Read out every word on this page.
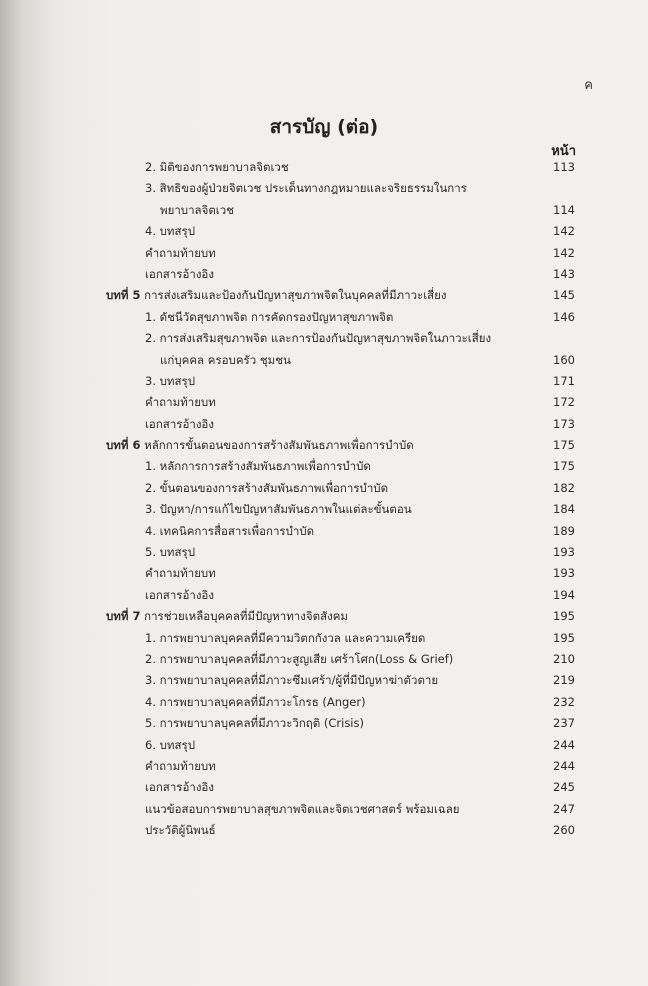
ค
สารบัญ (ต่อ)
หน้า
2. มิติของการพยาบาลจิตเวช	113
3. สิทธิของผู้ป่วยจิตเวช ประเด็นทางกฎหมายและจริยธรรมในการ
พยาบาลจิตเวช	114
4. บทสรุป	142
คำถามท้ายบท	142
เอกสารอ้างอิง	143
บทที่ 5 การส่งเสริมและป้องกันปัญหาสุขภาพจิตในบุคคลที่มีภาวะเสี่ยง	145
1. ดัชนีวัดสุขภาพจิต การคัดกรองปัญหาสุขภาพจิต	146
2. การส่งเสริมสุขภาพจิต และการป้องกันปัญหาสุขภาพจิตในภาวะเสี่ยง
แก่บุคคล ครอบครัว ชุมชน	160
3. บทสรุป	171
คำถามท้ายบท	172
เอกสารอ้างอิง	173
บทที่ 6 หลักการขั้นตอนของการสร้างสัมพันธภาพเพื่อการบำบัด	175
1. หลักการการสร้างสัมพันธภาพเพื่อการบำบัด	175
2. ขั้นตอนของการสร้างสัมพันธภาพเพื่อการบำบัด	182
3. ปัญหา/การแก้ไขปัญหาสัมพันธภาพในแต่ละขั้นตอน	184
4. เทคนิคการสื่อสารเพื่อการบำบัด	189
5. บทสรุป	193
คำถามท้ายบท	193
เอกสารอ้างอิง	194
บทที่ 7 การช่วยเหลือบุคคลที่มีปัญหาทางจิตสังคม	195
1. การพยาบาลบุคคลที่มีความวิตกกังวล และความเครียด	195
2. การพยาบาลบุคคลที่มีภาวะสูญเสีย เศร้าโศก(Loss & Grief)	210
3. การพยาบาลบุคคลที่มีภาวะซึมเศร้า/ผู้ที่มีปัญหาฆ่าตัวตาย	219
4. การพยาบาลบุคคลที่มีภาวะโกรธ (Anger)	232
5. การพยาบาลบุคคลที่มีภาวะวิกฤติ (Crisis)	237
6. บทสรุป	244
คำถามท้ายบท	244
เอกสารอ้างอิง	245
แนวข้อสอบการพยาบาลสุขภาพจิตและจิตเวชศาสตร์ พร้อมเฉลย	247
ประวัติผู้นิพนธ์	260
